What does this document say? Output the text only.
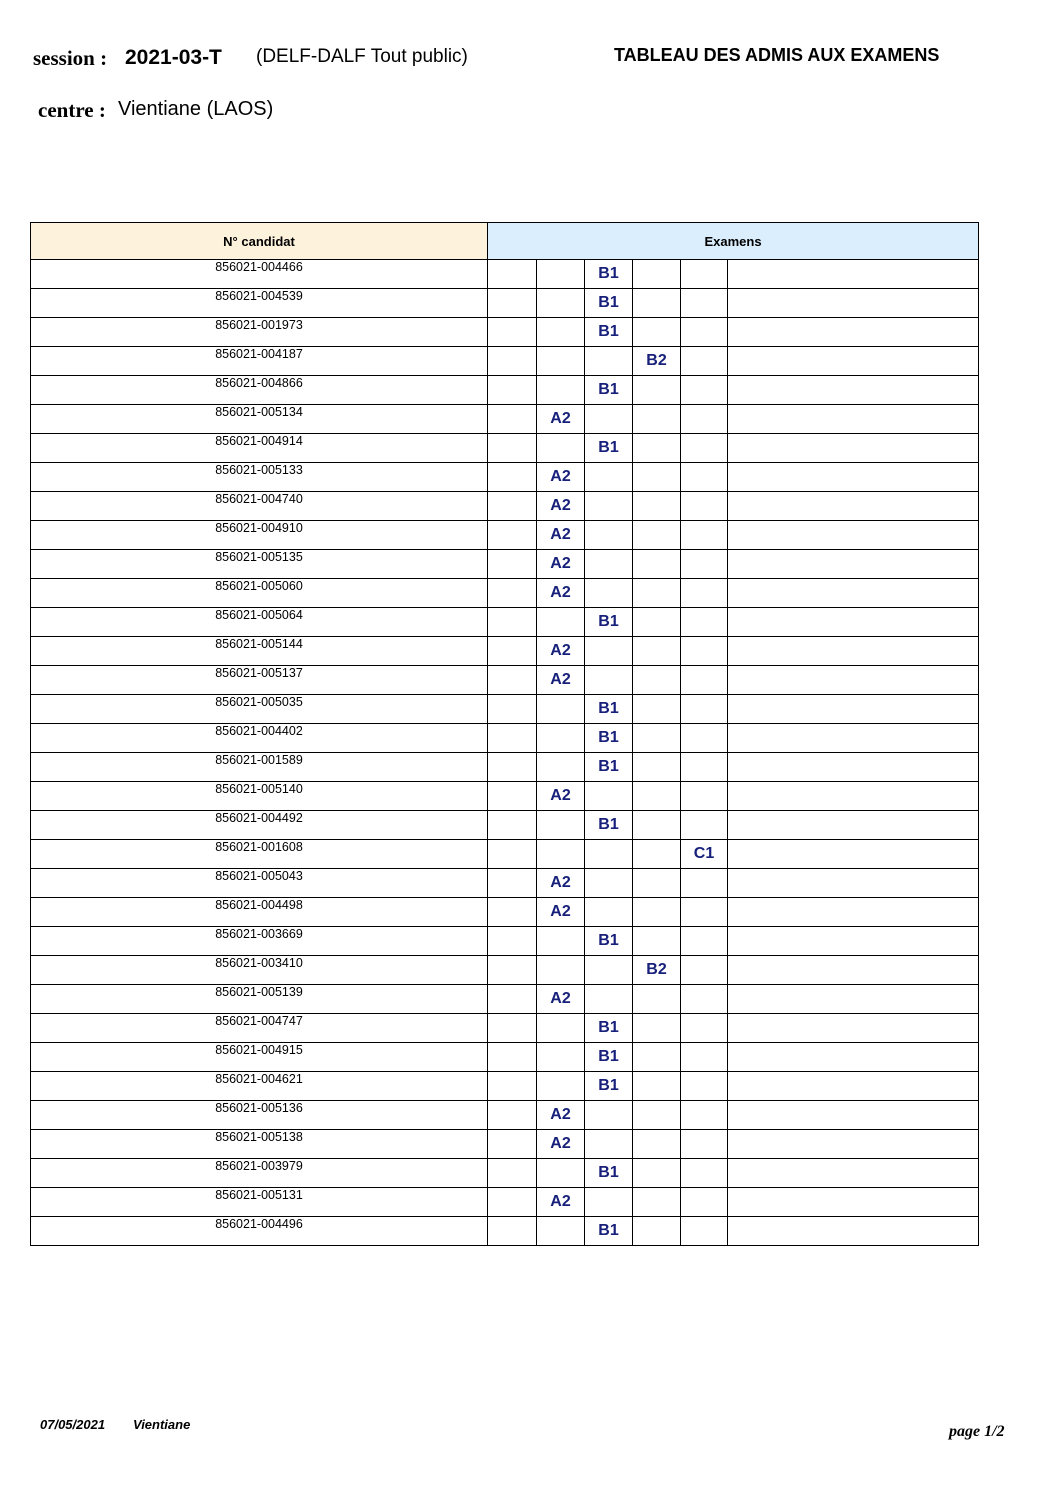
session : 2021-03-T (DELF-DALF Tout public)	TABLEAU DES ADMIS AUX EXAMENS
centre : Vientiane (LAOS)
N° candidat	Examens					
856021-004466			B1			
856021-004539			B1			
856021-001973			B1			
856021-004187				B2		
856021-004866			B1			
856021-005134		A2				
856021-004914			B1			
856021-005133		A2				
856021-004740		A2				
856021-004910		A2				
856021-005135		A2				
856021-005060		A2				
856021-005064			B1			
856021-005144		A2				
856021-005137		A2				
856021-005035			B1			
856021-004402			B1			
856021-001589			B1			
856021-005140		A2				
856021-004492			B1			
856021-001608					C1	
856021-005043		A2				
856021-004498		A2				
856021-003669			B1			
856021-003410				B2		
856021-005139		A2				
856021-004747			B1			
856021-004915			B1			
856021-004621			B1			
856021-005136		A2				
856021-005138		A2				
856021-003979			B1			
856021-005131		A2				
856021-004496			B1			
07/05/2021 Vientiane	page 1/2
